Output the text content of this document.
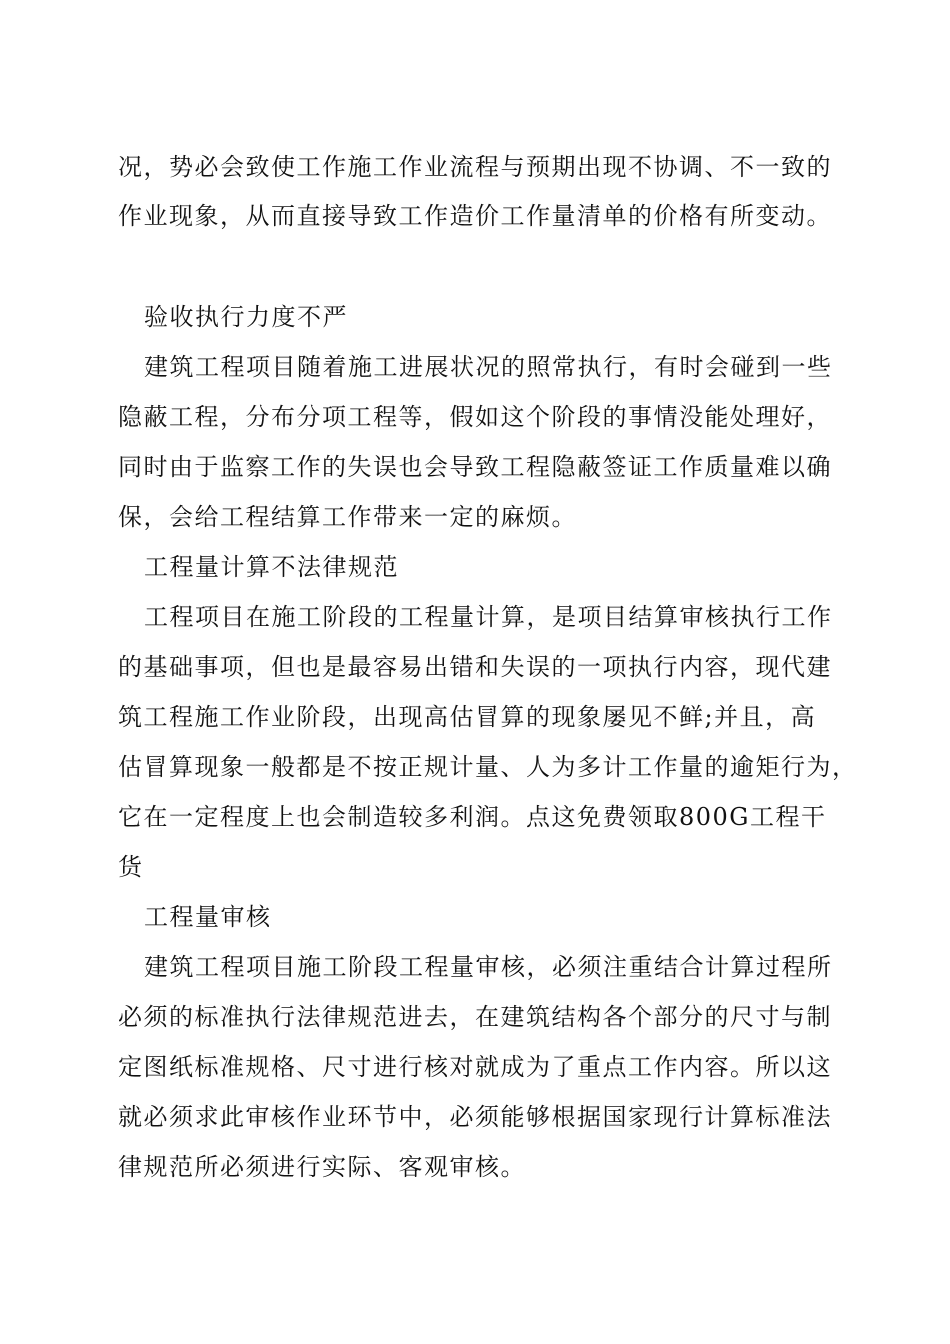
况，势必会致使工作施工作业流程与预期出现不协调、不一致的
作业现象，从而直接导致工作造价工作量清单的价格有所变动。
验收执行力度不严
建筑工程项目随着施工进展状况的照常执行，有时会碰到一些
隐蔽工程，分布分项工程等，假如这个阶段的事情没能处理好，
同时由于监察工作的失误也会导致工程隐蔽签证工作质量难以确
保，会给工程结算工作带来一定的麻烦。
工程量计算不法律规范
工程项目在施工阶段的工程量计算，是项目结算审核执行工作
的基础事项，但也是最容易出错和失误的一项执行内容，现代建
筑工程施工作业阶段，出现高估冒算的现象屡见不鲜;并且，高
估冒算现象一般都是不按正规计量、人为多计工作量的逾矩行为，
它在一定程度上也会制造较多利润。点这免费领取800G工程干
货
工程量审核
建筑工程项目施工阶段工程量审核，必须注重结合计算过程所
必须的标准执行法律规范进去，在建筑结构各个部分的尺寸与制
定图纸标准规格、尺寸进行核对就成为了重点工作内容。所以这
就必须求此审核作业环节中，必须能够根据国家现行计算标准法
律规范所必须进行实际、客观审核。
